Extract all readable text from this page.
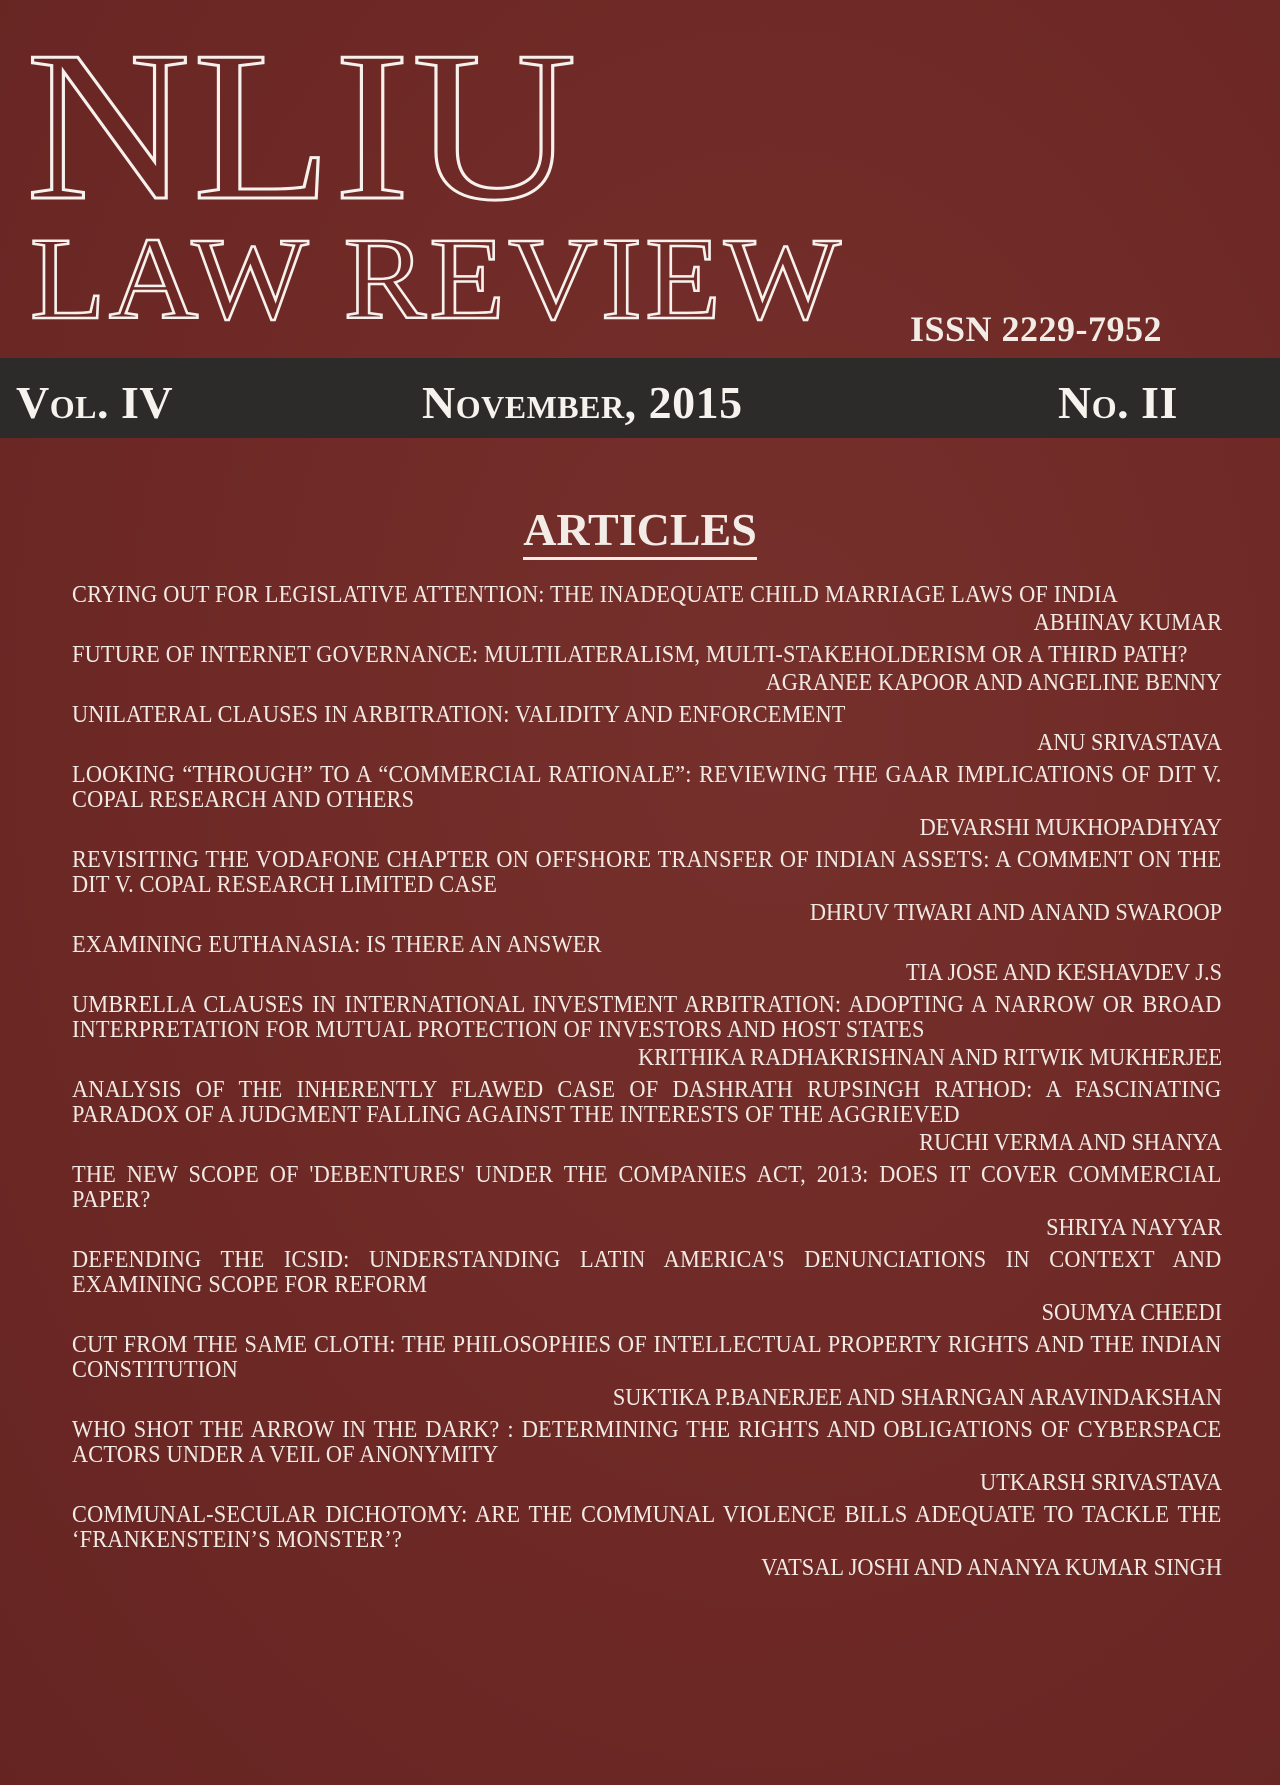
NLIU
LAW REVIEW ISSN 2229-7952
Vol. IV	November, 2015	No. II
ARTICLES
CRYING OUT FOR LEGISLATIVE ATTENTION: THE INADEQUATE CHILD MARRIAGE LAWS OF INDIA
ABHINAV KUMAR
FUTURE OF INTERNET GOVERNANCE: MULTILATERALISM, MULTI-STAKEHOLDERISM OR A THIRD PATH?
AGRANEE KAPOOR AND ANGELINE BENNY
UNILATERAL CLAUSES IN ARBITRATION: VALIDITY AND ENFORCEMENT
ANU SRIVASTAVA
LOOKING “THROUGH” TO A “COMMERCIAL RATIONALE”: REVIEWING THE GAAR IMPLICATIONS OF DIT V. COPAL RESEARCH AND OTHERS
DEVARSHI MUKHOPADHYAY
REVISITING THE VODAFONE CHAPTER ON OFFSHORE TRANSFER OF INDIAN ASSETS: A COMMENT ON THE DIT V. COPAL RESEARCH LIMITED CASE
DHRUV TIWARI AND ANAND SWAROOP
EXAMINING EUTHANASIA: IS THERE AN ANSWER
TIA JOSE AND KESHAVDEV J.S
UMBRELLA CLAUSES IN INTERNATIONAL INVESTMENT ARBITRATION: ADOPTING A NARROW OR BROAD INTERPRETATION FOR MUTUAL PROTECTION OF INVESTORS AND HOST STATES
KRITHIKA RADHAKRISHNAN AND RITWIK MUKHERJEE
ANALYSIS OF THE INHERENTLY FLAWED CASE OF DASHRATH RUPSINGH RATHOD: A FASCINATING PARADOX OF A JUDGMENT FALLING AGAINST THE INTERESTS OF THE AGGRIEVED
RUCHI VERMA AND SHANYA
THE NEW SCOPE OF 'DEBENTURES' UNDER THE COMPANIES ACT, 2013: DOES IT COVER COMMERCIAL PAPER?
SHRIYA NAYYAR
DEFENDING THE ICSID: UNDERSTANDING LATIN AMERICA'S DENUNCIATIONS IN CONTEXT AND EXAMINING SCOPE FOR REFORM
SOUMYA CHEEDI
CUT FROM THE SAME CLOTH: THE PHILOSOPHIES OF INTELLECTUAL PROPERTY RIGHTS AND THE INDIAN CONSTITUTION
SUKTIKA P.BANERJEE AND SHARNGAN ARAVINDAKSHAN
WHO SHOT THE ARROW IN THE DARK? : DETERMINING THE RIGHTS AND OBLIGATIONS OF CYBERSPACE ACTORS UNDER A VEIL OF ANONYMITY
UTKARSH SRIVASTAVA
COMMUNAL-SECULAR DICHOTOMY: ARE THE COMMUNAL VIOLENCE BILLS ADEQUATE TO TACKLE THE ‘FRANKENSTEIN’S MONSTER’?
VATSAL JOSHI AND ANANYA KUMAR SINGH
